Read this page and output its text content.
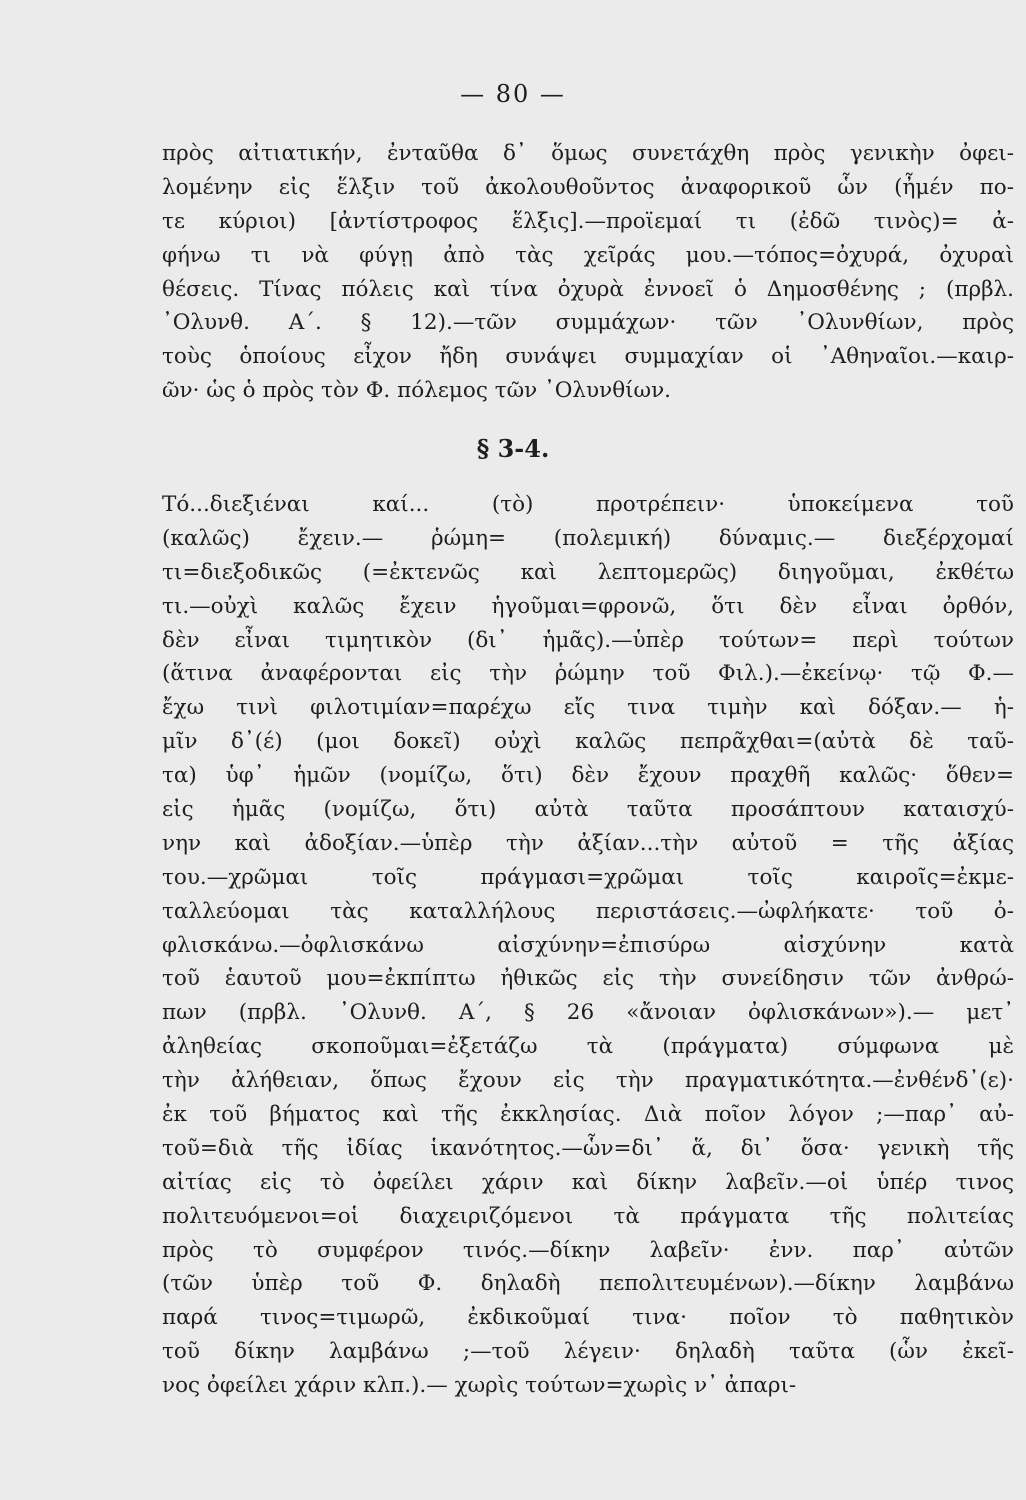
— 80 —
πρὸς αἰτιατικήν, ἐνταῦθα δ᾽ ὅμως συνετάχθη πρὸς γενικὴν ὀφει-
λομένην εἰς ἕλξιν τοῦ ἀκολουθοῦντος ἀναφορικοῦ ὧν (ἦμέν πο-
τε κύριοι) [ἀντίστροφος ἕλξις].—προϊεμαί τι (ἐδῶ τινὸς)= ἀ-
φήνω τι νὰ φύγῃ ἀπὸ τὰς χεῖράς μου.—τόπος=ὀχυρά, ὀχυραὶ
θέσεις. Τίνας πόλεις καὶ τίνα ὀχυρὰ ἐννοεῖ ὁ Δημοσθένης ; (πρβλ.
᾽Ολυνθ. Α΄. § 12).—τῶν συμμάχων· τῶν ᾽Ολυνθίων, πρὸς
τοὺς ὁποίους εἶχον ἤδη συνάψει συμμαχίαν οἱ ᾽Αθηναῖοι.—καιρ-
ῶν· ὡς ὁ πρὸς τὸν Φ. πόλεμος τῶν ᾽Ολυνθίων.
§ 3-4.
Τό...διεξιέναι καί... (τὸ) προτρέπειν· ὑποκείμενα τοῦ
(καλῶς) ἔχειν.— ῥώμη= (πολεμική) δύναμις.— διεξέρχομαί
τι=διεξοδικῶς (=ἐκτενῶς καὶ λεπτομερῶς) διηγοῦμαι, ἐκθέτω
τι.—οὐχὶ καλῶς ἔχειν ἡγοῦμαι=φρονῶ, ὅτι δὲν εἶναι ὀρθόν,
δὲν εἶναι τιμητικὸν (δι᾽ ἡμᾶς).—ὑπὲρ τούτων= περὶ τούτων
(ἅτινα ἀναφέρονται εἰς τὴν ῥώμην τοῦ Φιλ.).—ἐκείνῳ· τῷ Φ.—
ἔχω τινὶ φιλοτιμίαν=παρέχω εἴς τινα τιμὴν καὶ δόξαν.— ἡ-
μῖν δ᾽(έ) (μοι δοκεῖ) οὐχὶ καλῶς πεπρᾶχθαι=(αὐτὰ δὲ ταῦ-
τα) ὑφ᾽ ἡμῶν (νομίζω, ὅτι) δὲν ἔχουν πραχθῆ καλῶς· ὅθεν=
εἰς ἡμᾶς (νομίζω, ὅτι) αὐτὰ ταῦτα προσάπτουν καταισχύ-
νην καὶ ἀδοξίαν.—ὑπὲρ τὴν ἀξίαν...τὴν αὐτοῦ = τῆς ἀξίας
του.—χρῶμαι τοῖς πράγμασι=χρῶμαι τοῖς καιροῖς=ἐκμε-
ταλλεύομαι τὰς καταλλήλους περιστάσεις.—ὠφλήκατε· τοῦ ὀ-
φλισκάνω.—ὀφλισκάνω αἰσχύνην=ἐπισύρω αἰσχύνην κατὰ
τοῦ ἑαυτοῦ μου=ἐκπίπτω ἠθικῶς εἰς τὴν συνείδησιν τῶν ἀνθρώ-
πων (πρβλ. ᾽Ολυνθ. Α΄, § 26 «ἄνοιαν ὀφλισκάνων»).— μετ᾽
ἀληθείας σκοποῦμαι=ἐξετάζω τὰ (πράγματα) σύμφωνα μὲ
τὴν ἀλήθειαν, ὅπως ἔχουν εἰς τὴν πραγματικότητα.—ἐνθένδ᾽(ε)·
ἐκ τοῦ βήματος καὶ τῆς ἐκκλησίας. Διὰ ποῖον λόγον ;—παρ᾽ αὐ-
τοῦ=διὰ τῆς ἰδίας ἱκανότητος.—ὧν=δι᾽ ἅ, δι᾽ ὅσα· γενικὴ τῆς
αἰτίας εἰς τὸ ὀφείλει χάριν καὶ δίκην λαβεῖν.—οἱ ὑπέρ τινος
πολιτευόμενοι=οἱ διαχειριζόμενοι τὰ πράγματα τῆς πολιτείας
πρὸς τὸ συμφέρον τινός.—δίκην λαβεῖν· ἐνν. παρ᾽ αὐτῶν
(τῶν ὑπὲρ τοῦ Φ. δηλαδὴ πεπολιτευμένων).—δίκην λαμβάνω
παρά τινος=τιμωρῶ, ἐκδικοῦμαί τινα· ποῖον τὸ παθητικὸν
τοῦ δίκην λαμβάνω ;—τοῦ λέγειν· δηλαδὴ ταῦτα (ὧν ἐκεῖ-
νος ὀφείλει χάριν κλπ.).— χωρὶς τούτων=χωρὶς ν᾽ ἀπαρι-
